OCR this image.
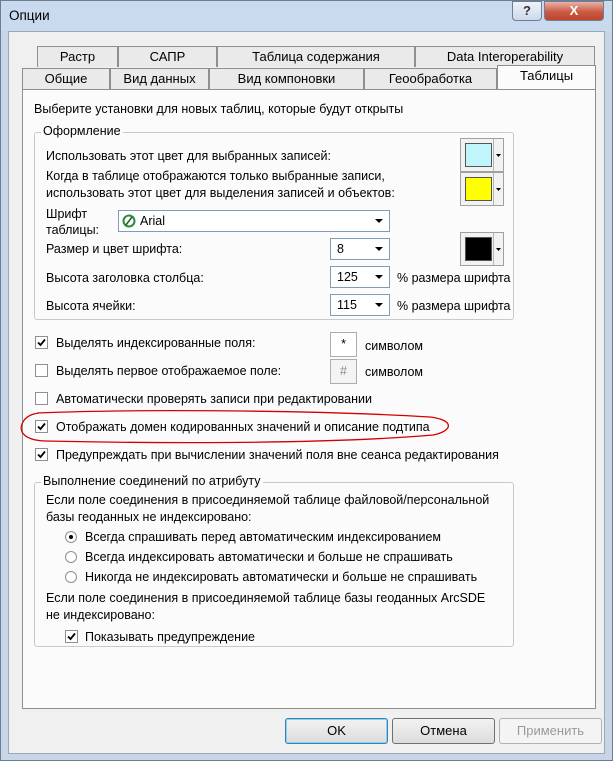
Опции	?	X
Растр	САПР	Таблица содержания	Data Interoperability
Общие	Вид данных	Вид компоновки	Геообработка	Таблицы
Выберите установки для новых таблиц, которые будут открыты
Оформление
Использовать этот цвет для выбранных записей:
Когда в таблице отображаются только выбранные записи,
использовать этот цвет для выделения записей и объектов:
Шрифт
таблицы:
Arial
Размер и цвет шрифта:	8
Высота заголовка столбца:	125	% размера шрифта
Высота ячейки:	115	% размера шрифта
Выделять индексированные поля:	*	символом
Выделять первое отображаемое поле:	#	символом
Автоматически проверять записи при редактировании
Отображать домен кодированных значений и описание подтипа
Предупреждать при вычислении значений поля вне сеанса редактирования
Выполнение соединений по атрибуту
Если поле соединения в присоединяемой таблице файловой/персональной
базы геоданных не индексировано:
Всегда спрашивать перед автоматическим индексированием
Всегда индексировать автоматически и больше не спрашивать
Никогда не индексировать автоматически и больше не спрашивать
Если поле соединения в присоединяемой таблице базы геоданных ArcSDE
не индексировано:
Показывать предупреждение
OK	Отмена	Применить
